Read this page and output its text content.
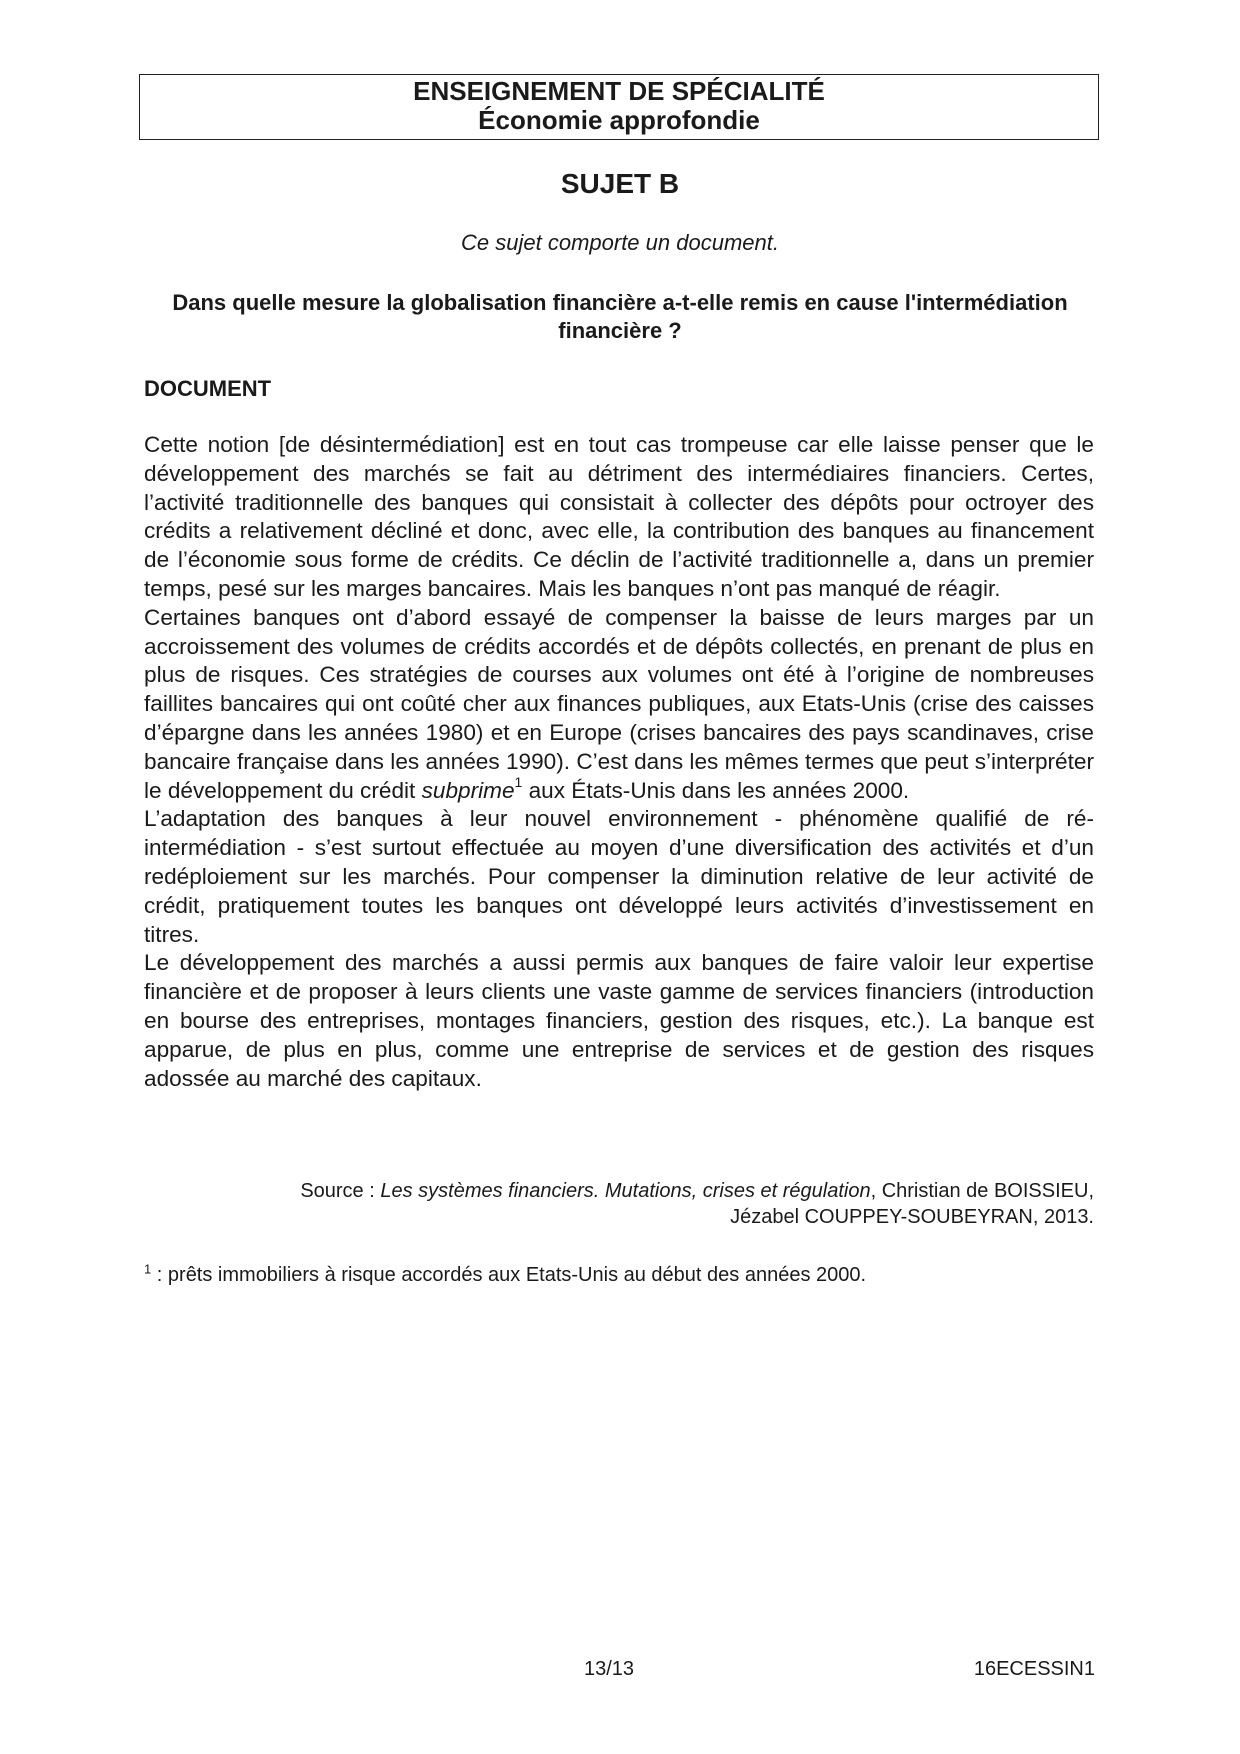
ENSEIGNEMENT DE SPÉCIALITÉ
Économie approfondie
SUJET B
Ce sujet comporte un document.
Dans quelle mesure la globalisation financière a-t-elle remis en cause l'intermédiation financière ?
DOCUMENT

Cette notion [de désintermédiation] est en tout cas trompeuse car elle laisse penser que le développement des marchés se fait au détriment des intermédiaires financiers. Certes, l’activité traditionnelle des banques qui consistait à collecter des dépôts pour octroyer des crédits a relativement décliné et donc, avec elle, la contribution des banques au financement de l’économie sous forme de crédits. Ce déclin de l’activité traditionnelle a, dans un premier temps, pesé sur les marges bancaires. Mais les banques n’ont pas manqué de réagir.

Certaines banques ont d’abord essayé de compenser la baisse de leurs marges par un accroissement des volumes de crédits accordés et de dépôts collectés, en prenant de plus en plus de risques. Ces stratégies de courses aux volumes ont été à l’origine de nombreuses faillites bancaires qui ont coûté cher aux finances publiques, aux Etats-Unis (crise des caisses d’épargne dans les années 1980) et en Europe (crises bancaires des pays scandinaves, crise bancaire française dans les années 1990). C’est dans les mêmes termes que peut s’interpréter le développement du crédit subprime$^1$ aux États-Unis dans les années 2000.

L’adaptation des banques à leur nouvel environnement - phénomène qualifié de ré-intermédiation - s’est surtout effectuée au moyen d’une diversification des activités et d’un redéploiement sur les marchés. Pour compenser la diminution relative de leur activité de crédit, pratiquement toutes les banques ont développé leurs activités d’investissement en titres.

Le développement des marchés a aussi permis aux banques de faire valoir leur expertise financière et de proposer à leurs clients une vaste gamme de services financiers (introduction en bourse des entreprises, montages financiers, gestion des risques, etc.). La banque est apparue, de plus en plus, comme une entreprise de services et de gestion des risques adossée au marché des capitaux.

Source : Les systèmes financiers. Mutations, crises et régulation, Christian de BOISSIEU,
Jézabel COUPPEY-SOUBEYRAN, 2013.
$^1$ : prêts immobiliers à risque accordés aux Etats-Unis au début des années 2000.
13/13	16ECESSIN1
